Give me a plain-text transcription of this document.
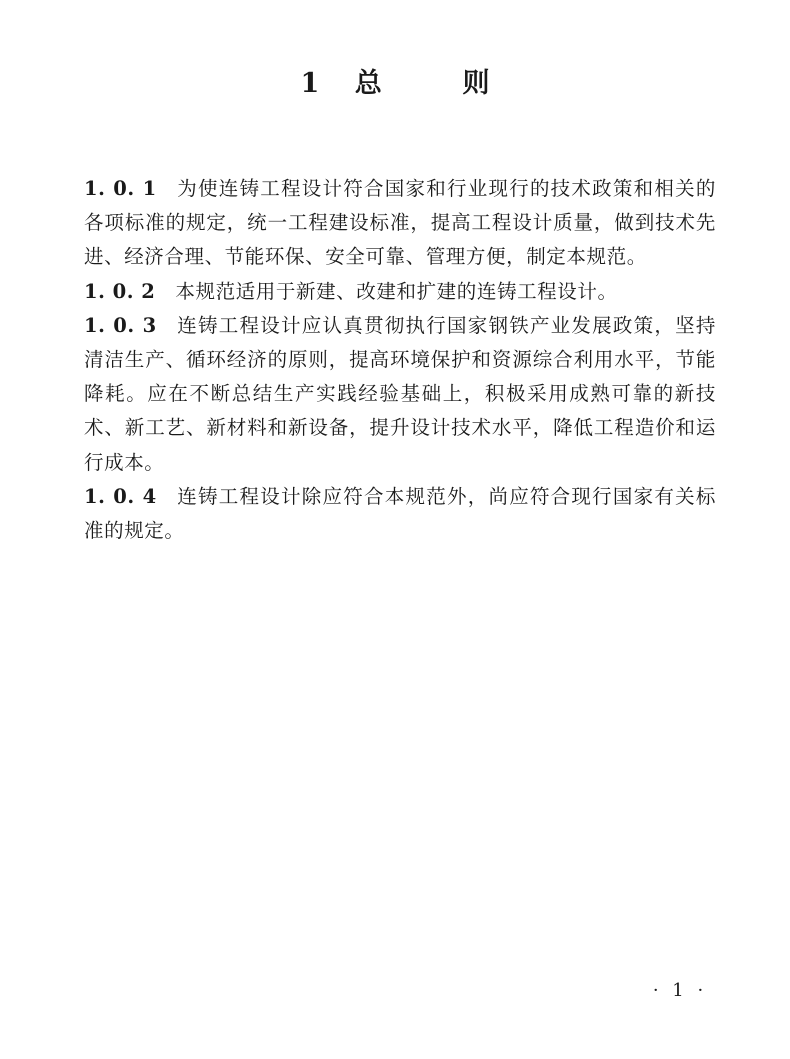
1 总	则

1. 0. 1 为使连铸工程设计符合国家和行业现行的技术政策和相关的各项标准的规定，统一工程建设标准，提高工程设计质量，做到技术先进、经济合理、节能环保、安全可靠、管理方便，制定本规范。

1. 0. 2 本规范适用于新建、改建和扩建的连铸工程设计。

1. 0. 3 连铸工程设计应认真贯彻执行国家钢铁产业发展政策，坚持清洁生产、循环经济的原则，提高环境保护和资源综合利用水平，节能降耗。应在不断总结生产实践经验基础上，积极采用成熟可靠的新技术、新工艺、新材料和新设备，提升设计技术水平，降低工程造价和运行成本。

1. 0. 4 连铸工程设计除应符合本规范外，尚应符合现行国家有关标准的规定。

· 1 ·
